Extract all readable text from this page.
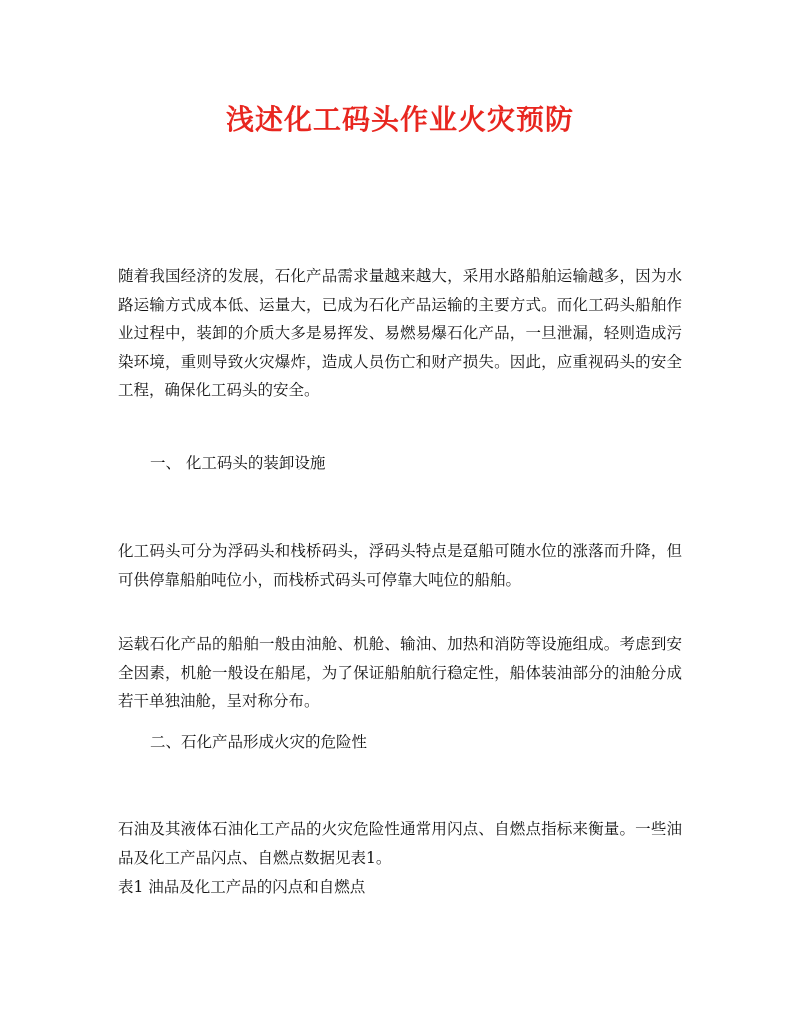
浅述化工码头作业火灾预防

随着我国经济的发展，石化产品需求量越来越大，采用水路船舶运输越多，因为水路运输方式成本低、运量大，已成为石化产品运输的主要方式。而化工码头船舶作业过程中，装卸的介质大多是易挥发、易燃易爆石化产品，一旦泄漏，轻则造成污染环境，重则导致火灾爆炸，造成人员伤亡和财产损失。因此，应重视码头的安全工程，确保化工码头的安全。

一、 化工码头的装卸设施

化工码头可分为浮码头和栈桥码头，浮码头特点是趸船可随水位的涨落而升降，但可供停靠船舶吨位小，而栈桥式码头可停靠大吨位的船舶。

运载石化产品的船舶一般由油舱、机舱、输油、加热和消防等设施组成。考虑到安全因素，机舱一般设在船尾，为了保证船舶航行稳定性，船体装油部分的油舱分成若干单独油舱，呈对称分布。

二、石化产品形成火灾的危险性

石油及其液体石油化工产品的火灾危险性通常用闪点、自燃点指标来衡量。一些油品及化工产品闪点、自燃点数据见表1。

表1 油品及化工产品的闪点和自燃点
